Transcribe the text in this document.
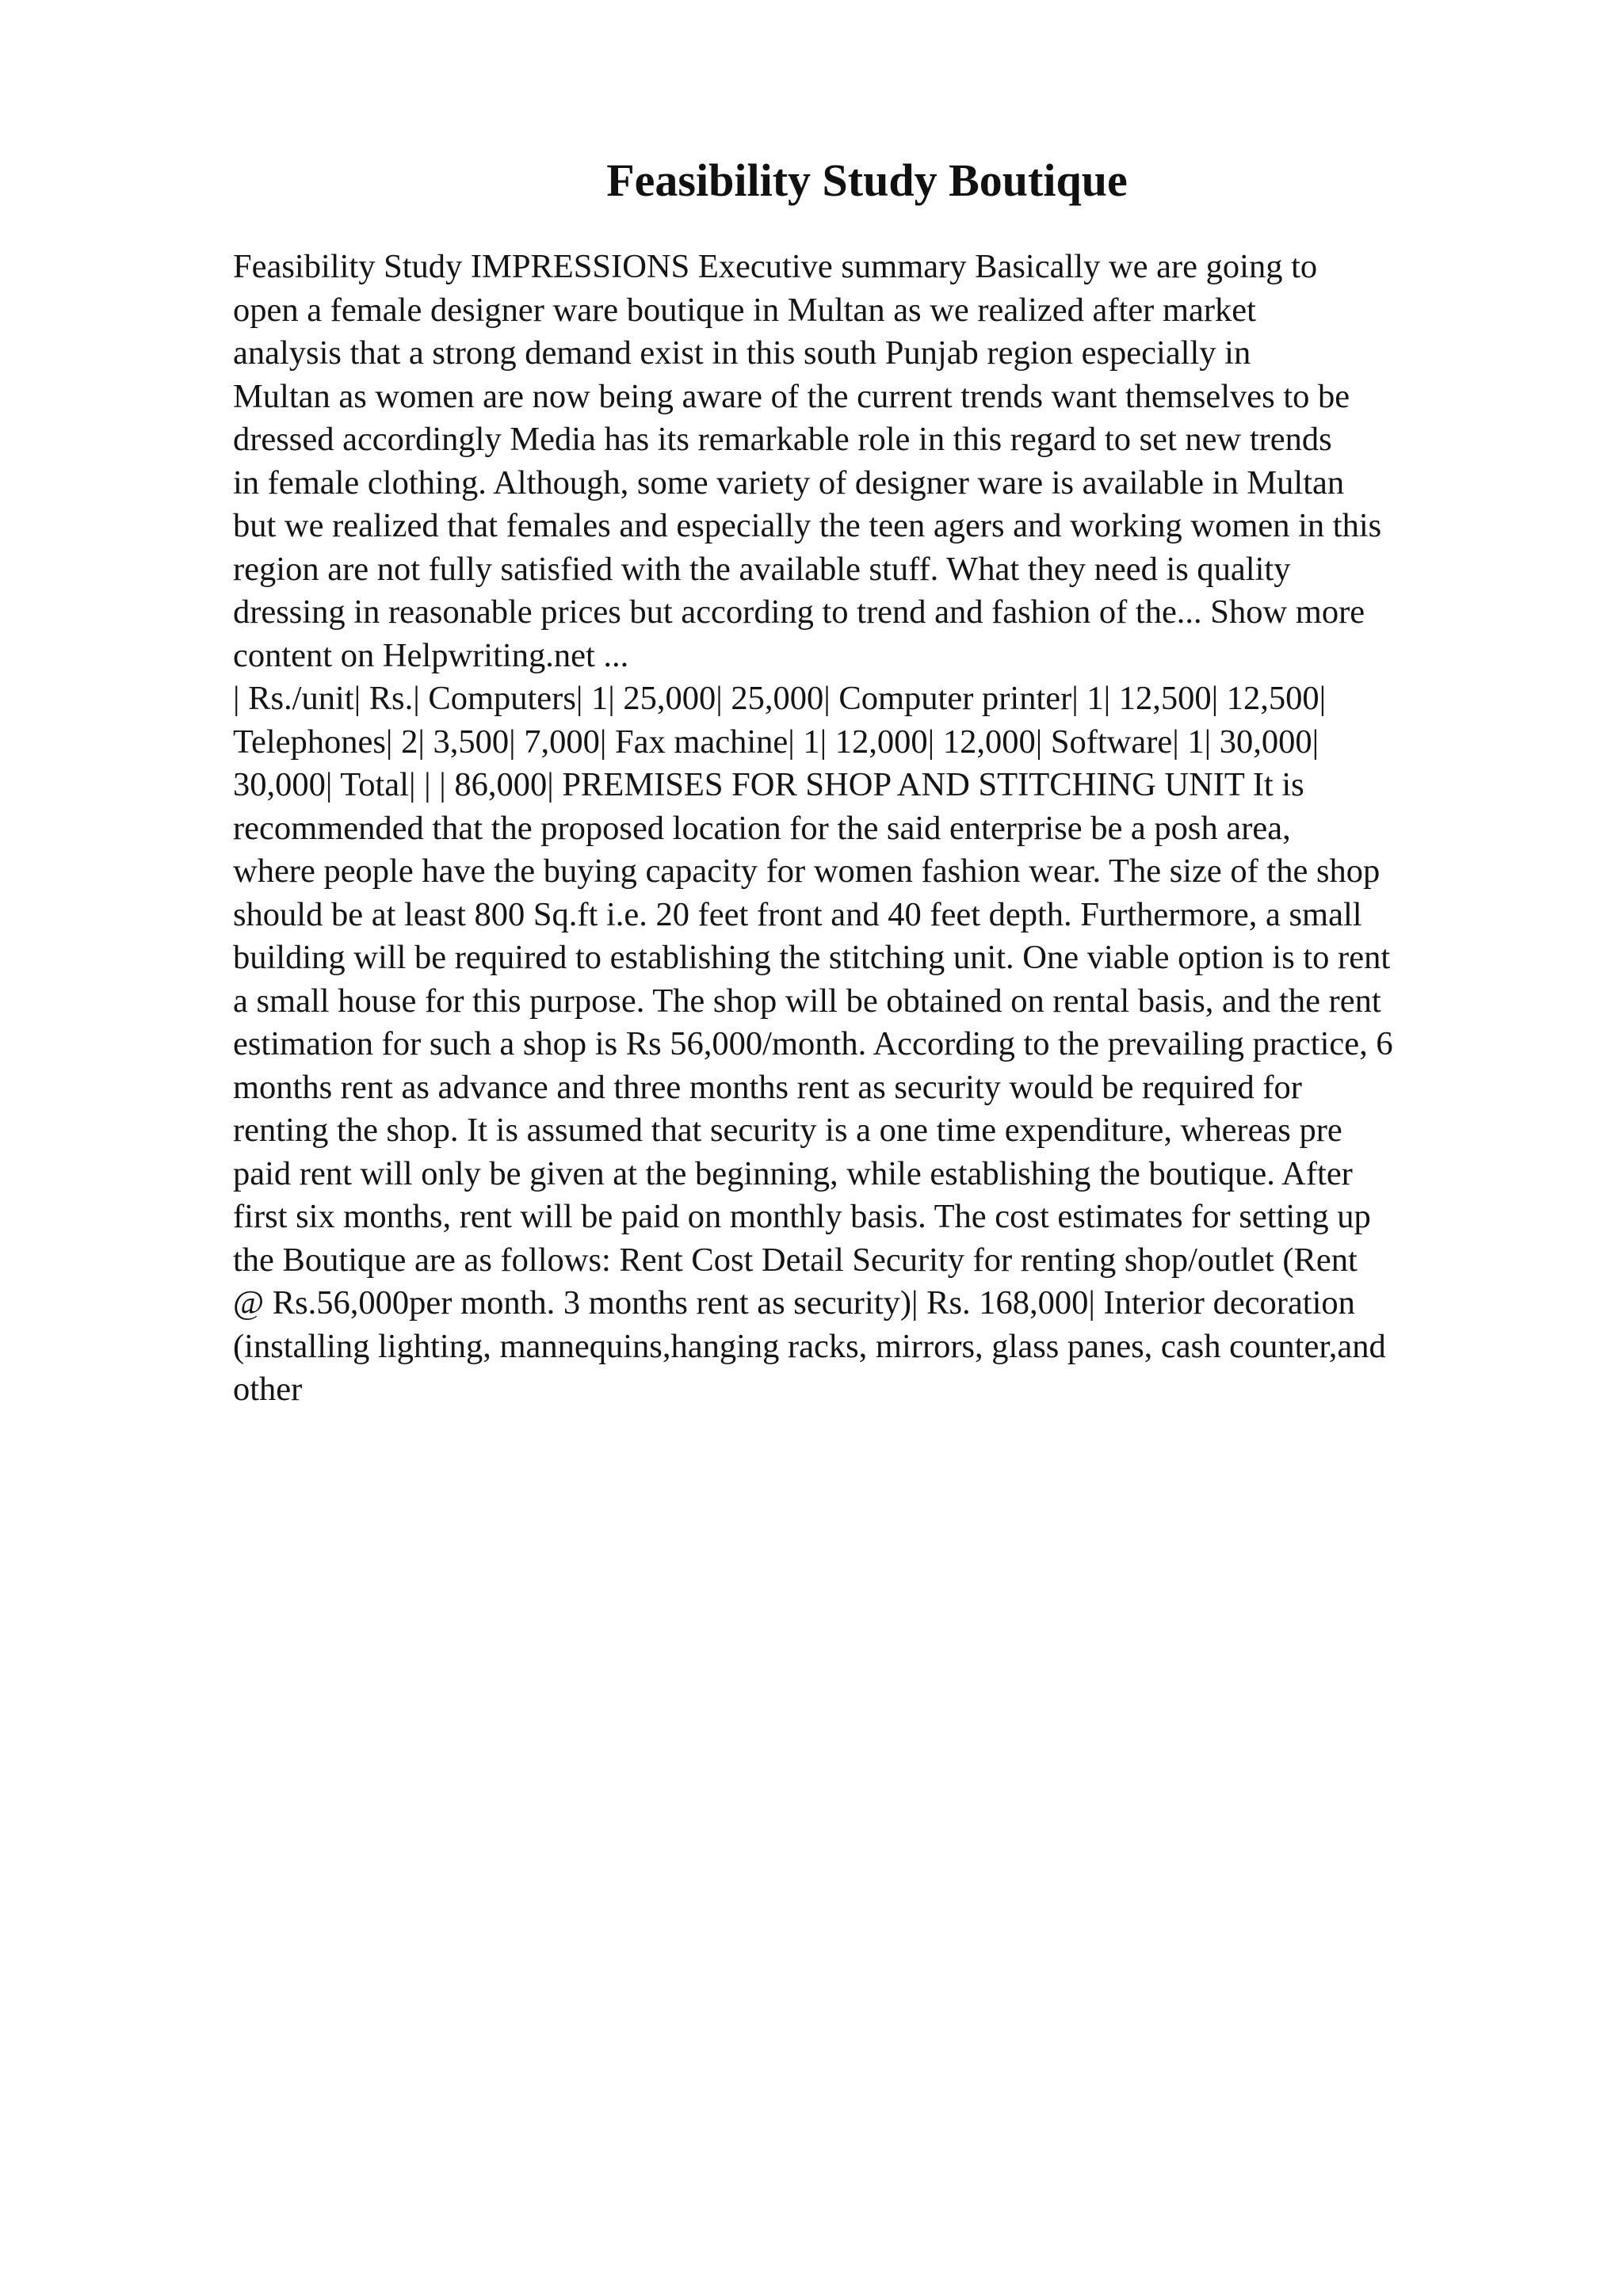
Feasibility Study Boutique

Feasibility Study IMPRESSIONS Executive summary Basically we are going to
open a female designer ware boutique in Multan as we realized after market
analysis that a strong demand exist in this south Punjab region especially in
Multan as women are now being aware of the current trends want themselves to be
dressed accordingly Media has its remarkable role in this regard to set new trends
in female clothing. Although, some variety of designer ware is available in Multan
but we realized that females and especially the teen agers and working women in this
region are not fully satisfied with the available stuff. What they need is quality
dressing in reasonable prices but according to trend and fashion of the... Show more
content on Helpwriting.net ...

| Rs./unit| Rs.| Computers| 1| 25,000| 25,000| Computer printer| 1| 12,500| 12,500|
Telephones| 2| 3,500| 7,000| Fax machine| 1| 12,000| 12,000| Software| 1| 30,000|
30,000| Total| | | 86,000| PREMISES FOR SHOP AND STITCHING UNIT It is
recommended that the proposed location for the said enterprise be a posh area,
where people have the buying capacity for women fashion wear. The size of the shop
should be at least 800 Sq.ft i.e. 20 feet front and 40 feet depth. Furthermore, a small
building will be required to establishing the stitching unit. One viable option is to rent
a small house for this purpose. The shop will be obtained on rental basis, and the rent
estimation for such a shop is Rs 56,000/month. According to the prevailing practice, 6
months rent as advance and three months rent as security would be required for
renting the shop. It is assumed that security is a one time expenditure, whereas pre
paid rent will only be given at the beginning, while establishing the boutique. After
first six months, rent will be paid on monthly basis. The cost estimates for setting up
the Boutique are as follows: Rent Cost Detail Security for renting shop/outlet (Rent
@ Rs.56,000per month. 3 months rent as security)| Rs. 168,000| Interior decoration
(installing lighting, mannequins,hanging racks, mirrors, glass panes, cash counter,and
other
